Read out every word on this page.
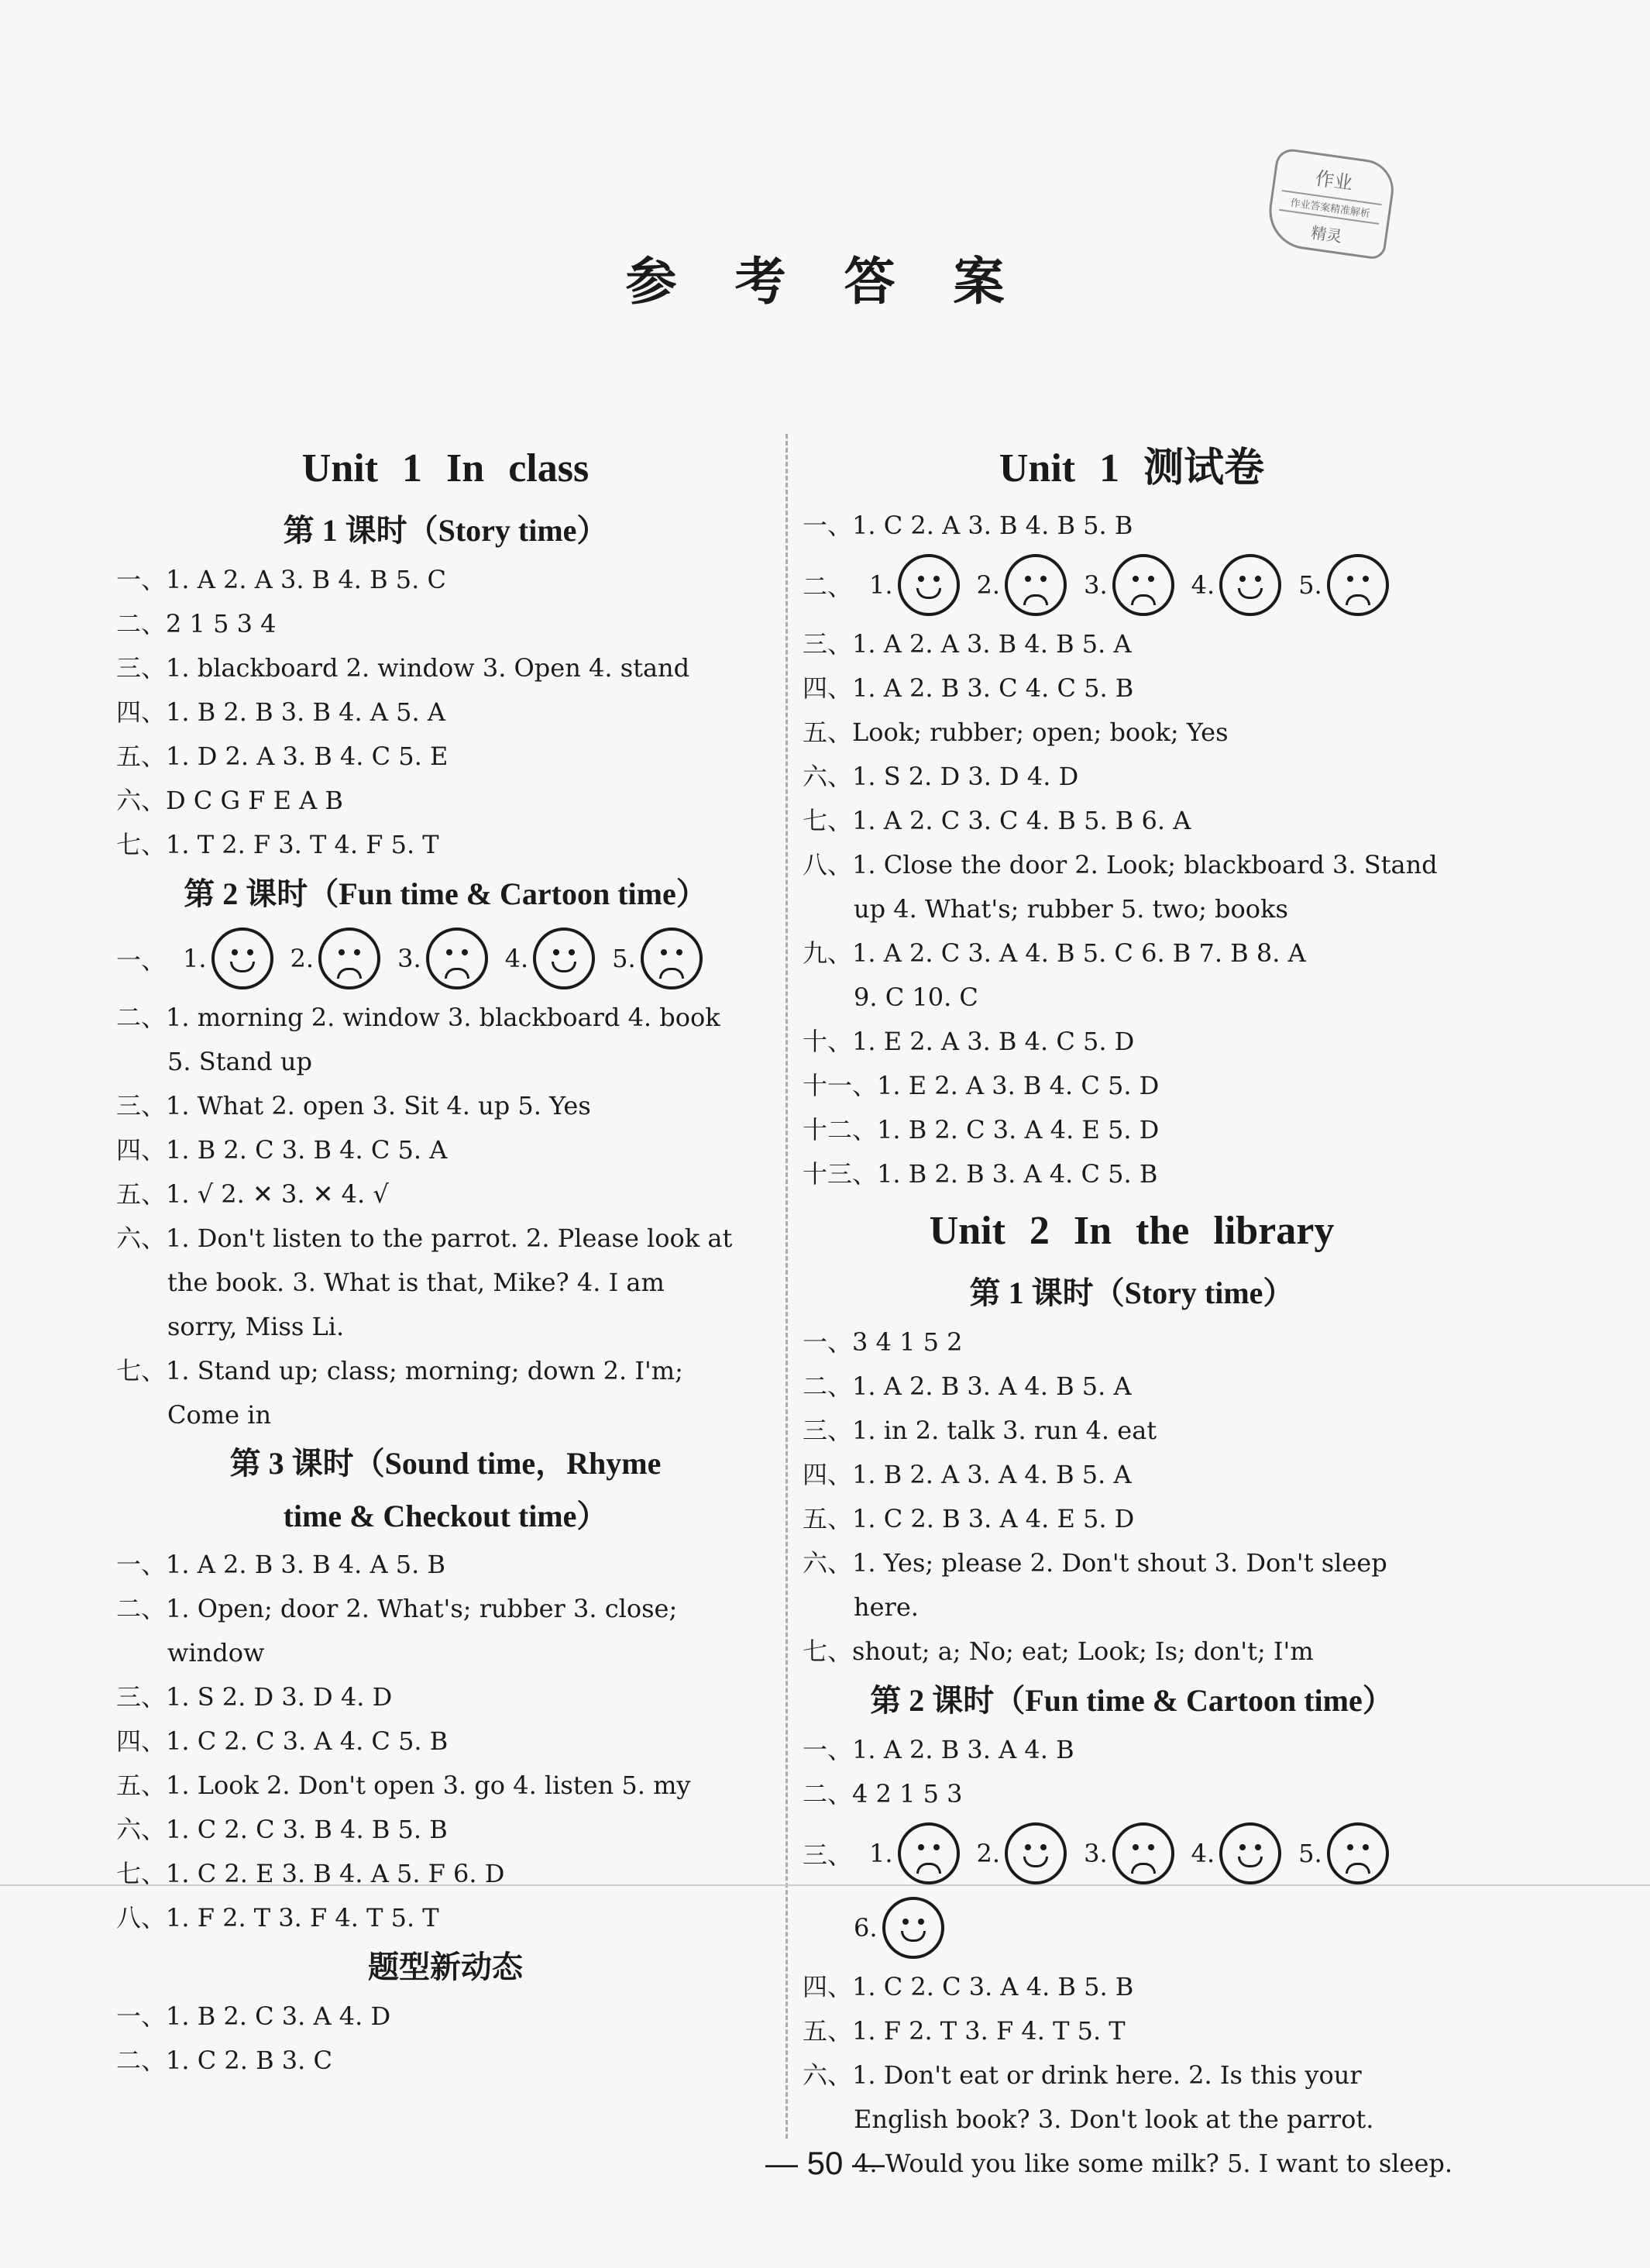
参 考 答 案
作业
作业答案精准解析
精灵
Unit 1 In class
第 1 课时（Story time）
一、1. A 2. A 3. B 4. B 5. C
二、2 1 5 3 4
三、1. blackboard 2. window 3. Open 4. stand
四、1. B 2. B 3. B 4. A 5. A
五、1. D 2. A 3. B 4. C 5. E
六、D C G F E A B
七、1. T 2. F 3. T 4. F 5. T
第 2 课时（Fun time & Cartoon time）
一、 1.	2.	3.	4.	5.
二、1. morning 2. window 3. blackboard 4. book
5. Stand up
三、1. What 2. open 3. Sit 4. up 5. Yes
四、1. B 2. C 3. B 4. C 5. A
五、1. √ 2. ✕ 3. ✕ 4. √
六、1. Don't listen to the parrot. 2. Please look at
the book. 3. What is that, Mike? 4. I am
sorry, Miss Li.
七、1. Stand up; class; morning; down 2. I'm;
Come in
第 3 课时（Sound time，Rhyme
time & Checkout time）
一、1. A 2. B 3. B 4. A 5. B
二、1. Open; door 2. What's; rubber 3. close;
window
三、1. S 2. D 3. D 4. D
四、1. C 2. C 3. A 4. C 5. B
五、1. Look 2. Don't open 3. go 4. listen 5. my
六、1. C 2. C 3. B 4. B 5. B
七、1. C 2. E 3. B 4. A 5. F 6. D
八、1. F 2. T 3. F 4. T 5. T
题型新动态
一、1. B 2. C 3. A 4. D
二、1. C 2. B 3. C
Unit 1 测试卷
一、1. C 2. A 3. B 4. B 5. B
二、 1.	2.	3.	4.	5.
三、1. A 2. A 3. B 4. B 5. A
四、1. A 2. B 3. C 4. C 5. B
五、Look; rubber; open; book; Yes
六、1. S 2. D 3. D 4. D
七、1. A 2. C 3. C 4. B 5. B 6. A
八、1. Close the door 2. Look; blackboard 3. Stand
up 4. What's; rubber 5. two; books
九、1. A 2. C 3. A 4. B 5. C 6. B 7. B 8. A
9. C 10. C
十、1. E 2. A 3. B 4. C 5. D
十一、1. E 2. A 3. B 4. C 5. D
十二、1. B 2. C 3. A 4. E 5. D
十三、1. B 2. B 3. A 4. C 5. B
Unit 2 In the library
第 1 课时（Story time）
一、3 4 1 5 2
二、1. A 2. B 3. A 4. B 5. A
三、1. in 2. talk 3. run 4. eat
四、1. B 2. A 3. A 4. B 5. A
五、1. C 2. B 3. A 4. E 5. D
六、1. Yes; please 2. Don't shout 3. Don't sleep
here.
七、shout; a; No; eat; Look; Is; don't; I'm
第 2 课时（Fun time & Cartoon time）
一、1. A 2. B 3. A 4. B
二、4 2 1 5 3
三、 1.	2.	3.	4.	5.
6.
四、1. C 2. C 3. A 4. B 5. B
五、1. F 2. T 3. F 4. T 5. T
六、1. Don't eat or drink here. 2. Is this your
English book? 3. Don't look at the parrot.
4. Would you like some milk? 5. I want to sleep.
— 50 —
